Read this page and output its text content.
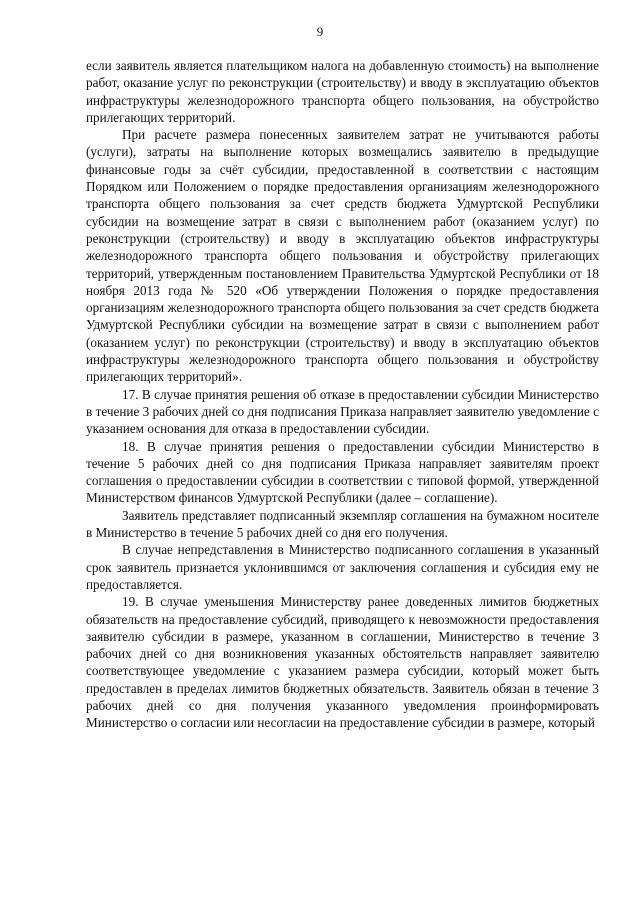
9

если заявитель является плательщиком налога на добавленную стоимость) на выполнение работ, оказание услуг по реконструкции (строительству) и вводу в эксплуатацию объектов инфраструктуры железнодорожного транспорта общего пользования, на обустройство прилегающих территорий.

При расчете размера понесенных заявителем затрат не учитываются работы (услуги), затраты на выполнение которых возмещались заявителю в предыдущие финансовые годы за счёт субсидии, предоставленной в соответствии с настоящим Порядком или Положением о порядке предоставления организациям железнодорожного транспорта общего пользования за счет средств бюджета Удмуртской Республики субсидии на возмещение затрат в связи с выполнением работ (оказанием услуг) по реконструкции (строительству) и вводу в эксплуатацию объектов инфраструктуры железнодорожного транспорта общего пользования и обустройству прилегающих территорий, утвержденным постановлением Правительства Удмуртской Республики от 18 ноября 2013 года № 520 «Об утверждении Положения о порядке предоставления организациям железнодорожного транспорта общего пользования за счет средств бюджета Удмуртской Республики субсидии на возмещение затрат в связи с выполнением работ (оказанием услуг) по реконструкции (строительству) и вводу в эксплуатацию объектов инфраструктуры железнодорожного транспорта общего пользования и обустройству прилегающих территорий».

17. В случае принятия решения об отказе в предоставлении субсидии Министерство в течение 3 рабочих дней со дня подписания Приказа направляет заявителю уведомление с указанием основания для отказа в предоставлении субсидии.

18. В случае принятия решения о предоставлении субсидии Министерство в течение 5 рабочих дней со дня подписания Приказа направляет заявителям проект соглашения о предоставлении субсидии в соответствии с типовой формой, утвержденной Министерством финансов Удмуртской Республики (далее – соглашение).

Заявитель представляет подписанный экземпляр соглашения на бумажном носителе в Министерство в течение 5 рабочих дней со дня его получения.

В случае непредставления в Министерство подписанного соглашения в указанный срок заявитель признается уклонившимся от заключения соглашения и субсидия ему не предоставляется.

19. В случае уменьшения Министерству ранее доведенных лимитов бюджетных обязательств на предоставление субсидий, приводящего к невозможности предоставления заявителю субсидии в размере, указанном в соглашении, Министерство в течение 3 рабочих дней со дня возникновения указанных обстоятельств направляет заявителю соответствующее уведомление с указанием размера субсидии, который может быть предоставлен в пределах лимитов бюджетных обязательств. Заявитель обязан в течение 3 рабочих дней со дня получения указанного уведомления проинформировать Министерство о согласии или несогласии на предоставление субсидии в размере, который
